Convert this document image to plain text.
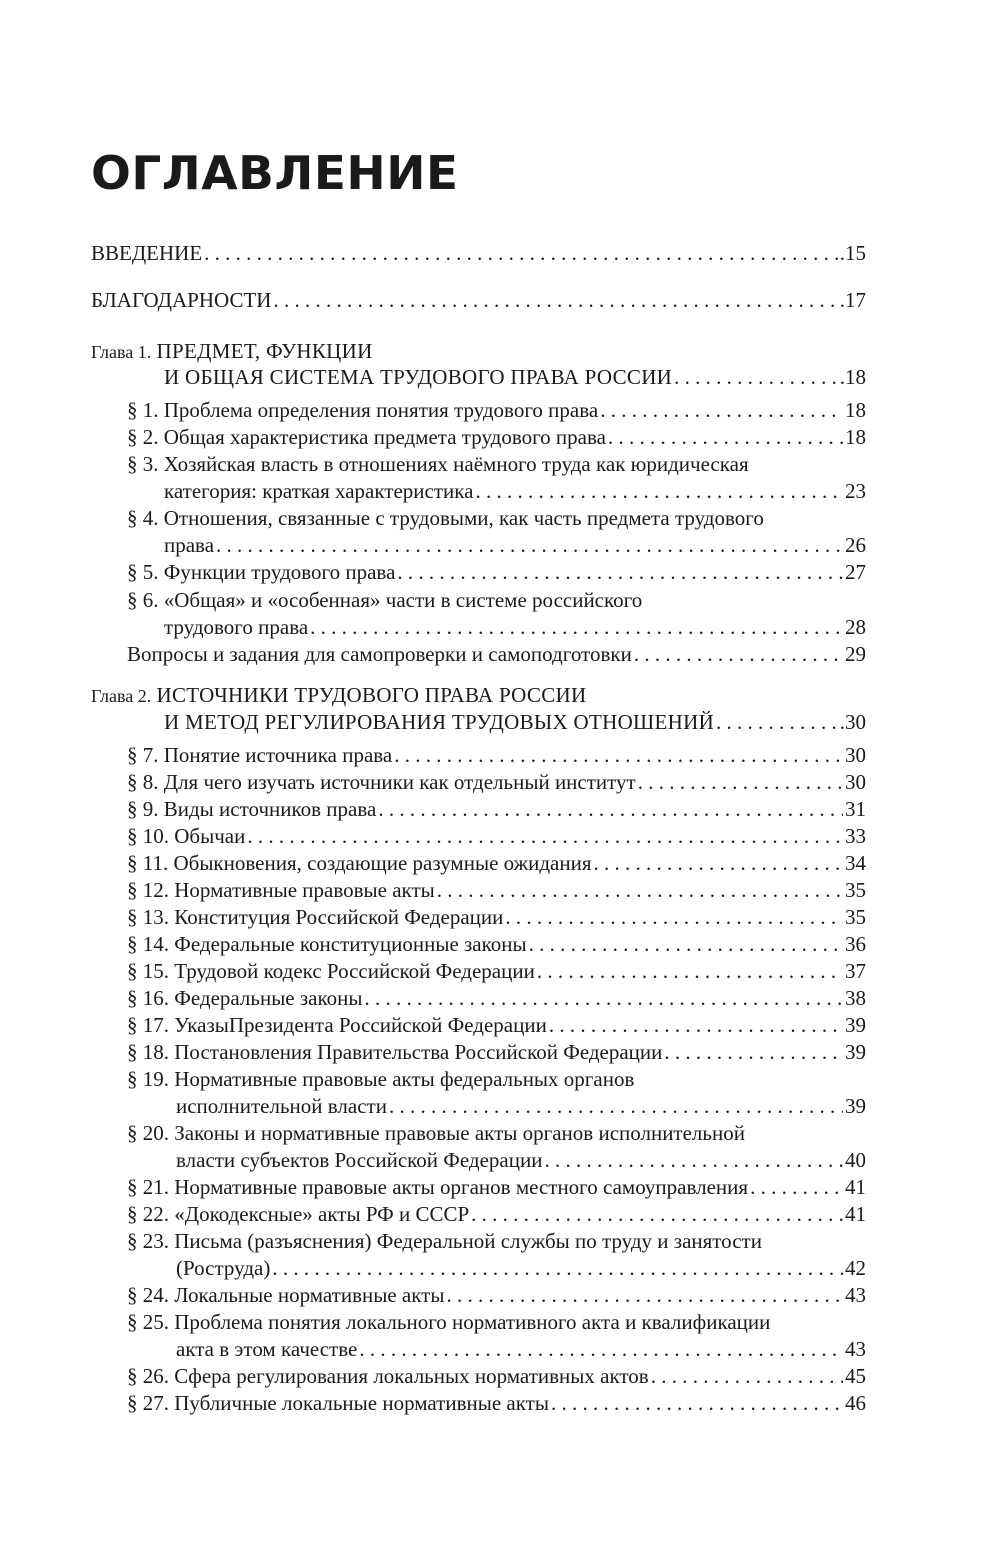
ОГЛАВЛЕНИЕ
ВВЕДЕНИЕ . . .	.15
БЛАГОДАРНОСТИ . . .	.17
Глава 1. ПРЕДМЕТ, ФУНКЦИИ
И ОБЩАЯ СИСТЕМА ТРУДОВОГО ПРАВА РОССИИ . . .	.18
§ 1. Проблема определения понятия трудового права . . .	18
§ 2. Общая характеристика предмета трудового права . . .	18
§ 3. Хозяйская власть в отношениях наёмного труда как юридическая
категория: краткая характеристика . . .	23
§ 4. Отношения, связанные с трудовыми, как часть предмета трудового
права . . .	26
§ 5. Функции трудового права . . .	27
§ 6. «Общая» и «особенная» части в системе российского
трудового права . . .	28
Вопросы и задания для самопроверки и самоподготовки . . .	29
Глава 2. ИСТОЧНИКИ ТРУДОВОГО ПРАВА РОССИИ
И МЕТОД РЕГУЛИРОВАНИЯ ТРУДОВЫХ ОТНОШЕНИЙ . . .	.30
§ 7. Понятие источника права . . .	30
§ 8. Для чего изучать источники как отдельный институт . . .	30
§ 9. Виды источников права . . .	31
§ 10. Обычаи . . .	33
§ 11. Обыкновения, создающие разумные ожидания . . .	34
§ 12. Нормативные правовые акты . . .	35
§ 13. Конституция Российской Федерации . . .	35
§ 14. Федеральные конституционные законы . . .	36
§ 15. Трудовой кодекс Российской Федерации . . .	37
§ 16. Федеральные законы . . .	38
§ 17. УказыПрезидента Российской Федерации . . .	39
§ 18. Постановления Правительства Российской Федерации . . .	39
§ 19. Нормативные правовые акты федеральных органов
исполнительной власти . . .	39
§ 20. Законы и нормативные правовые акты органов исполнительной
власти субъектов Российской Федерации . . .	40
§ 21. Нормативные правовые акты органов местного самоуправления . . .	41
§ 22. «Докодексные» акты РФ и СССР . . .	41
§ 23. Письма (разъяснения) Федеральной службы по труду и занятости
(Роструда) . . .	42
§ 24. Локальные нормативные акты . . .	43
§ 25. Проблема понятия локального нормативного акта и квалификации
акта в этом качестве . . .	43
§ 26. Сфера регулирования локальных нормативных актов . . .	45
§ 27. Публичные локальные нормативные акты . . .	46
